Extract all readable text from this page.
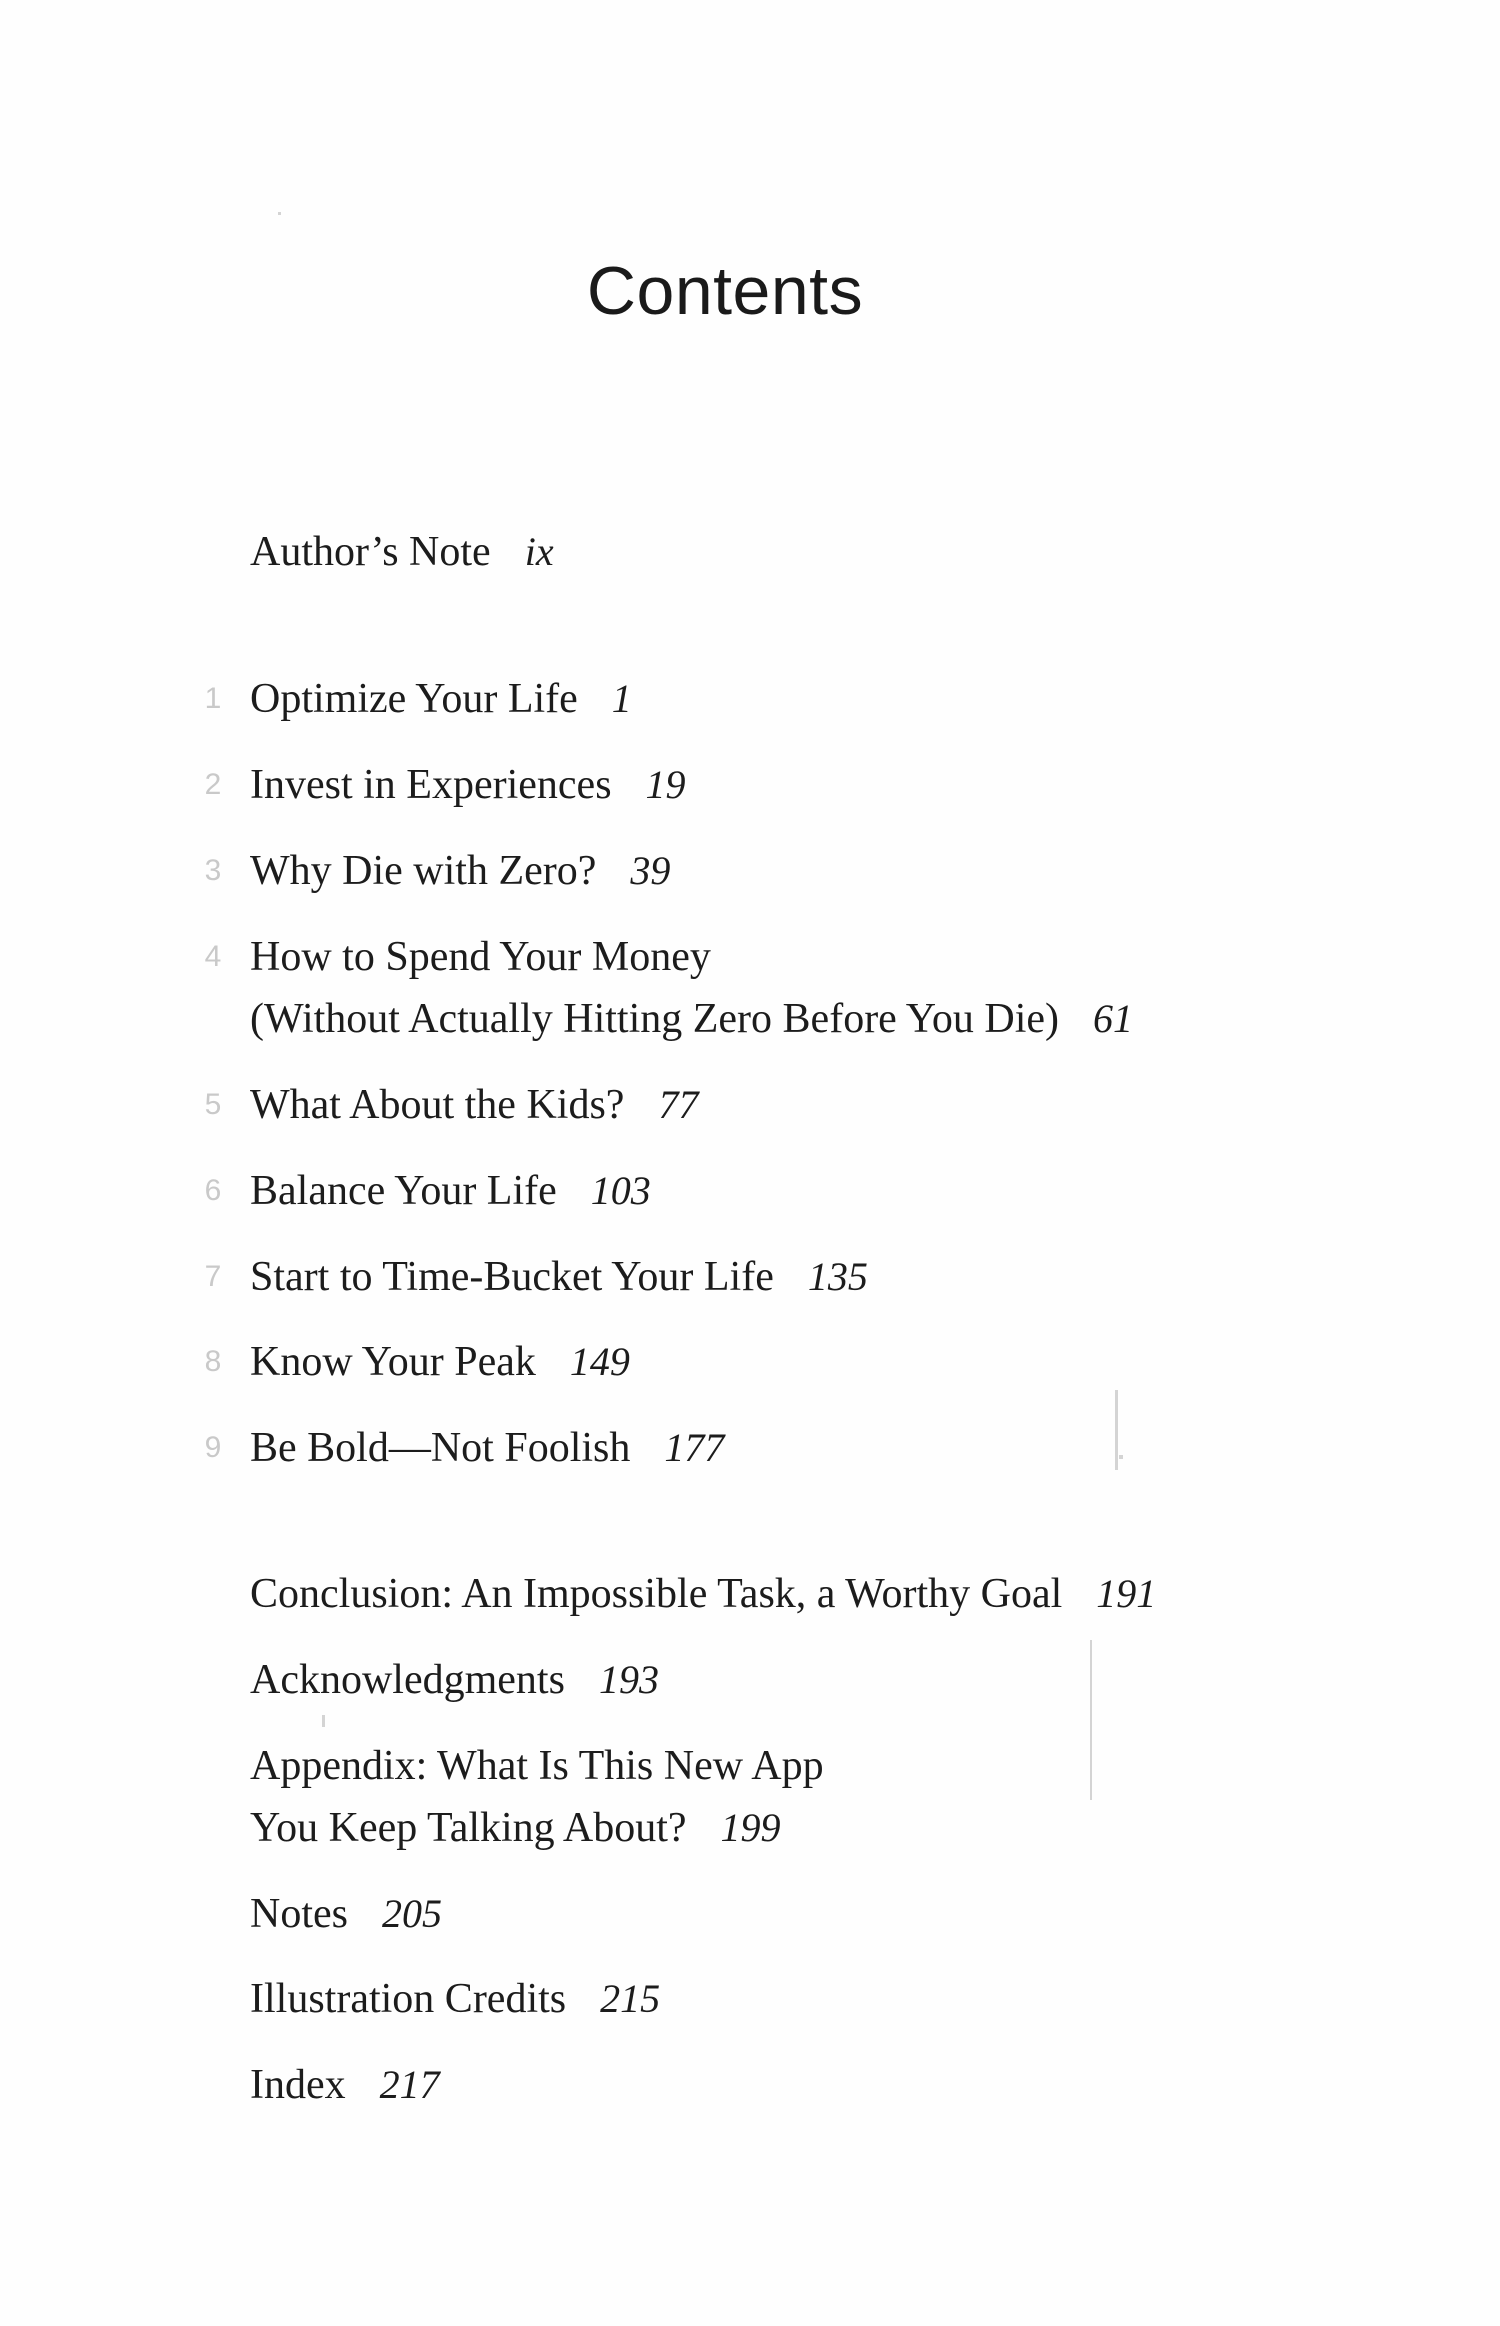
Contents
Author’s Note ix
1 Optimize Your Life 1
2 Invest in Experiences 19
3 Why Die with Zero? 39
4 How to Spend Your Money
(Without Actually Hitting Zero Before You Die) 61
5 What About the Kids? 77
6 Balance Your Life 103
7 Start to Time-Bucket Your Life 135
8 Know Your Peak 149
9 Be Bold—Not Foolish 177
Conclusion: An Impossible Task, a Worthy Goal 191
Acknowledgments 193
Appendix: What Is This New App
You Keep Talking About? 199
Notes 205
Illustration Credits 215
Index 217
